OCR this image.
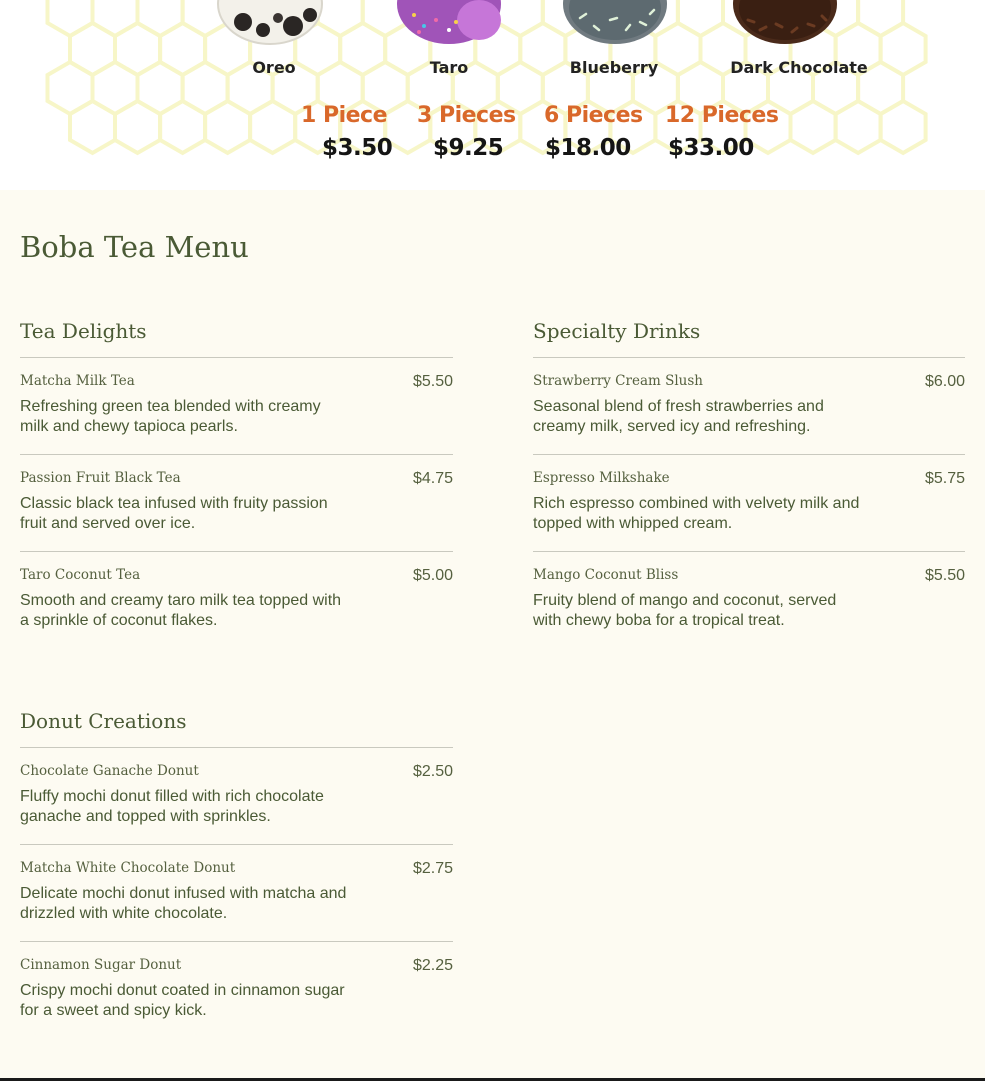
Oreo	Taro	Blueberry	Dark Chocolate
1 Piece 3 Pieces 6 Pieces 12 Pieces
$3.50 $9.25 $18.00 $33.00
Boba Tea Menu
Tea Delights
Matcha Milk Tea	$5.50
Refreshing green tea blended with creamy milk and chewy tapioca pearls.
Passion Fruit Black Tea	$4.75
Classic black tea infused with fruity passion fruit and served over ice.
Taro Coconut Tea	$5.00
Smooth and creamy taro milk tea topped with a sprinkle of coconut flakes.
Specialty Drinks
Strawberry Cream Slush	$6.00
Seasonal blend of fresh strawberries and creamy milk, served icy and refreshing.
Espresso Milkshake	$5.75
Rich espresso combined with velvety milk and topped with whipped cream.
Mango Coconut Bliss	$5.50
Fruity blend of mango and coconut, served with chewy boba for a tropical treat.
Donut Creations
Chocolate Ganache Donut	$2.50
Fluffy mochi donut filled with rich chocolate ganache and topped with sprinkles.
Matcha White Chocolate Donut	$2.75
Delicate mochi donut infused with matcha and drizzled with white chocolate.
Cinnamon Sugar Donut	$2.25
Crispy mochi donut coated in cinnamon sugar for a sweet and spicy kick.
